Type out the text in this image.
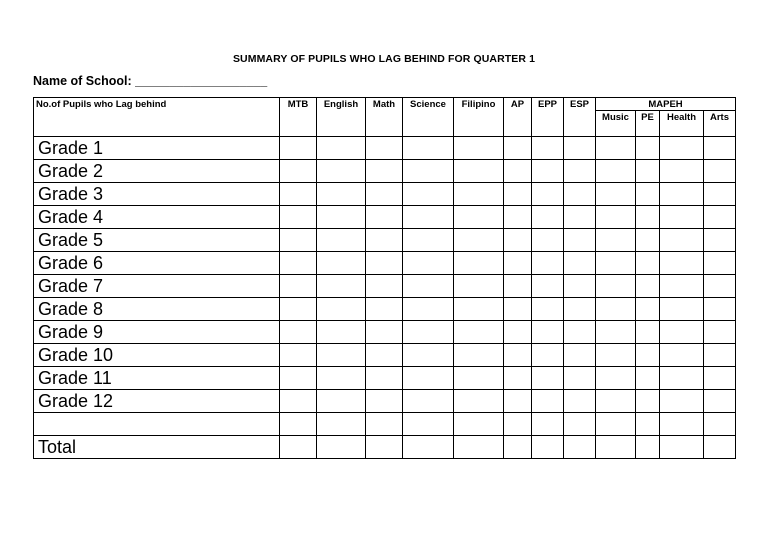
SUMMARY OF PUPILS WHO LAG BEHIND FOR QUARTER 1
Name of School: ___________________
No.of Pupils who Lag behind	MTB	English	Math	Science	Filipino	AP	EPP	ESP	MAPEH			
									Music	PE	Health	Arts
Grade 1												
Grade 2												
Grade 3												
Grade 4												
Grade 5												
Grade 6												
Grade 7												
Grade 8												
Grade 9												
Grade 10												
Grade 11												
Grade 12												

Total												
